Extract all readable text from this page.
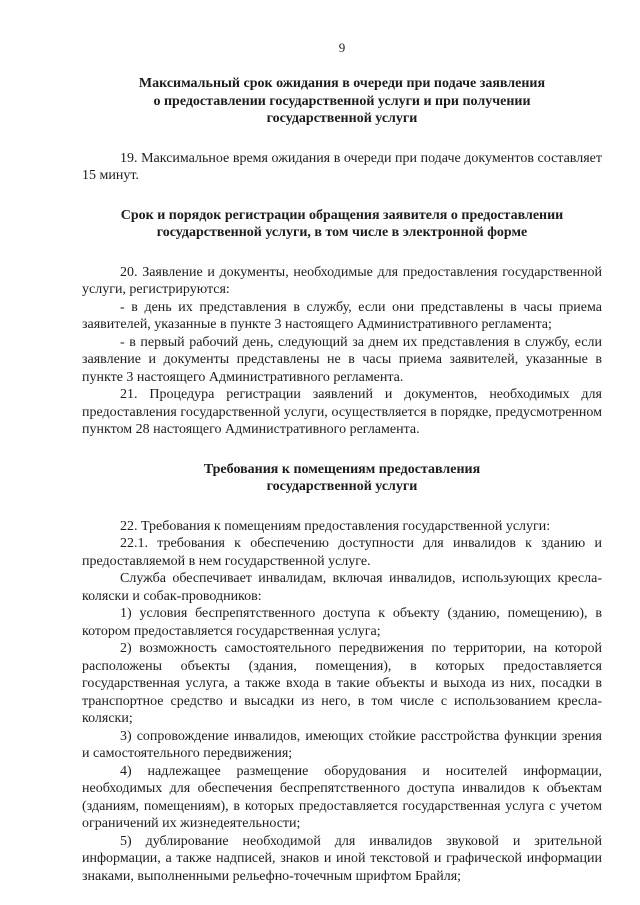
9
Максимальный срок ожидания в очереди при подаче заявления
о предоставлении государственной услуги и при получении
государственной услуги

19. Максимальное время ожидания в очереди при подаче документов составляет 15 минут.

Срок и порядок регистрации обращения заявителя о предоставлении
государственной услуги, в том числе в электронной форме

20. Заявление и документы, необходимые для предоставления государственной услуги, регистрируются:

- в день их представления в службу, если они представлены в часы приема заявителей, указанные в пункте 3 настоящего Административного регламента;

- в первый рабочий день, следующий за днем их представления в службу, если заявление и документы представлены не в часы приема заявителей, указанные в пункте 3 настоящего Административного регламента.

21. Процедура регистрации заявлений и документов, необходимых для предоставления государственной услуги, осуществляется в порядке, предусмотренном пунктом 28 настоящего Административного регламента.

Требования к помещениям предоставления
государственной услуги

22. Требования к помещениям предоставления государственной услуги:

22.1. требования к обеспечению доступности для инвалидов к зданию и предоставляемой в нем государственной услуге.

Служба обеспечивает инвалидам, включая инвалидов, использующих кресла-коляски и собак-проводников:

1) условия беспрепятственного доступа к объекту (зданию, помещению), в котором предоставляется государственная услуга;

2) возможность самостоятельного передвижения по территории, на которой расположены объекты (здания, помещения), в которых предоставляется государственная услуга, а также входа в такие объекты и выхода из них, посадки в транспортное средство и высадки из него, в том числе с использованием кресла-коляски;

3) сопровождение инвалидов, имеющих стойкие расстройства функции зрения и самостоятельного передвижения;

4) надлежащее размещение оборудования и носителей информации, необходимых для обеспечения беспрепятственного доступа инвалидов к объектам (зданиям, помещениям), в которых предоставляется государственная услуга с учетом ограничений их жизнедеятельности;

5) дублирование необходимой для инвалидов звуковой и зрительной информации, а также надписей, знаков и иной текстовой и графической информации знаками, выполненными рельефно-точечным шрифтом Брайля;
